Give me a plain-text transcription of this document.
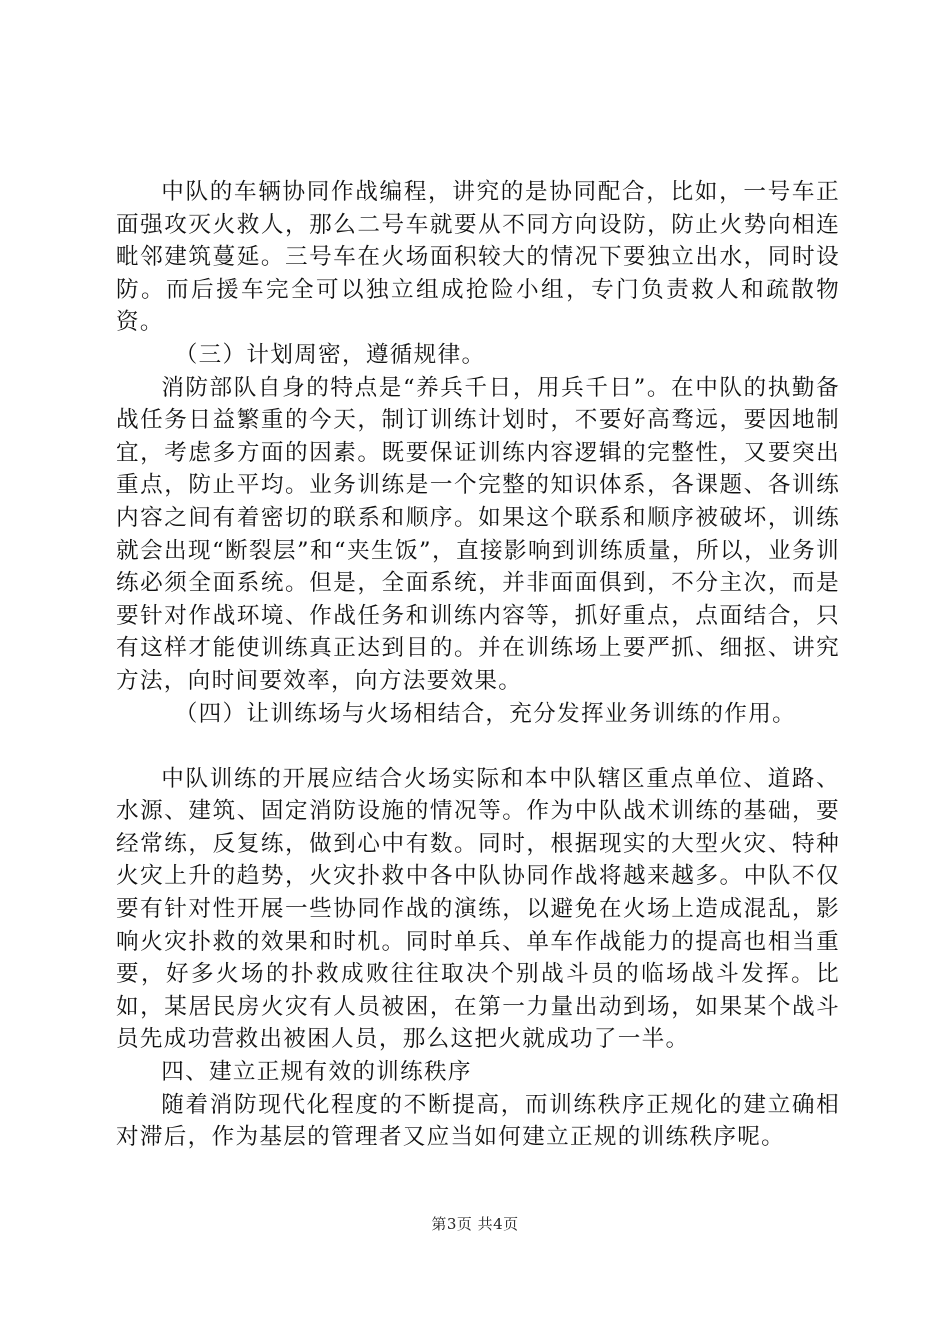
中队的车辆协同作战编程，讲究的是协同配合，比如，一号车正面强攻灭火救人，那么二号车就要从不同方向设防，防止火势向相连毗邻建筑蔓延。三号车在火场面积较大的情况下要独立出水，同时设防。而后援车完全可以独立组成抢险小组，专门负责救人和疏散物资。

（三）计划周密，遵循规律。

消防部队自身的特点是“养兵千日，用兵千日”。在中队的执勤备战任务日益繁重的今天，制订训练计划时，不要好高骛远，要因地制宜，考虑多方面的因素。既要保证训练内容逻辑的完整性，又要突出重点，防止平均。业务训练是一个完整的知识体系，各课题、各训练内容之间有着密切的联系和顺序。如果这个联系和顺序被破坏，训练就会出现“断裂层”和“夹生饭”，直接影响到训练质量，所以，业务训练必须全面系统。但是，全面系统，并非面面俱到，不分主次，而是要针对作战环境、作战任务和训练内容等，抓好重点，点面结合，只有这样才能使训练真正达到目的。并在训练场上要严抓、细抠、讲究方法，向时间要效率，向方法要效果。

（四）让训练场与火场相结合，充分发挥业务训练的作用。

中队训练的开展应结合火场实际和本中队辖区重点单位、道路、水源、建筑、固定消防设施的情况等。作为中队战术训练的基础，要经常练，反复练，做到心中有数。同时，根据现实的大型火灾、特种火灾上升的趋势，火灾扑救中各中队协同作战将越来越多。中队不仅要有针对性开展一些协同作战的演练，以避免在火场上造成混乱，影响火灾扑救的效果和时机。同时单兵、单车作战能力的提高也相当重要，好多火场的扑救成败往往取决个别战斗员的临场战斗发挥。比如，某居民房火灾有人员被困，在第一力量出动到场，如果某个战斗员先成功营救出被困人员，那么这把火就成功了一半。

四、建立正规有效的训练秩序

随着消防现代化程度的不断提高，而训练秩序正规化的建立确相对滞后，作为基层的管理者又应当如何建立正规的训练秩序呢。

第3页 共4页
